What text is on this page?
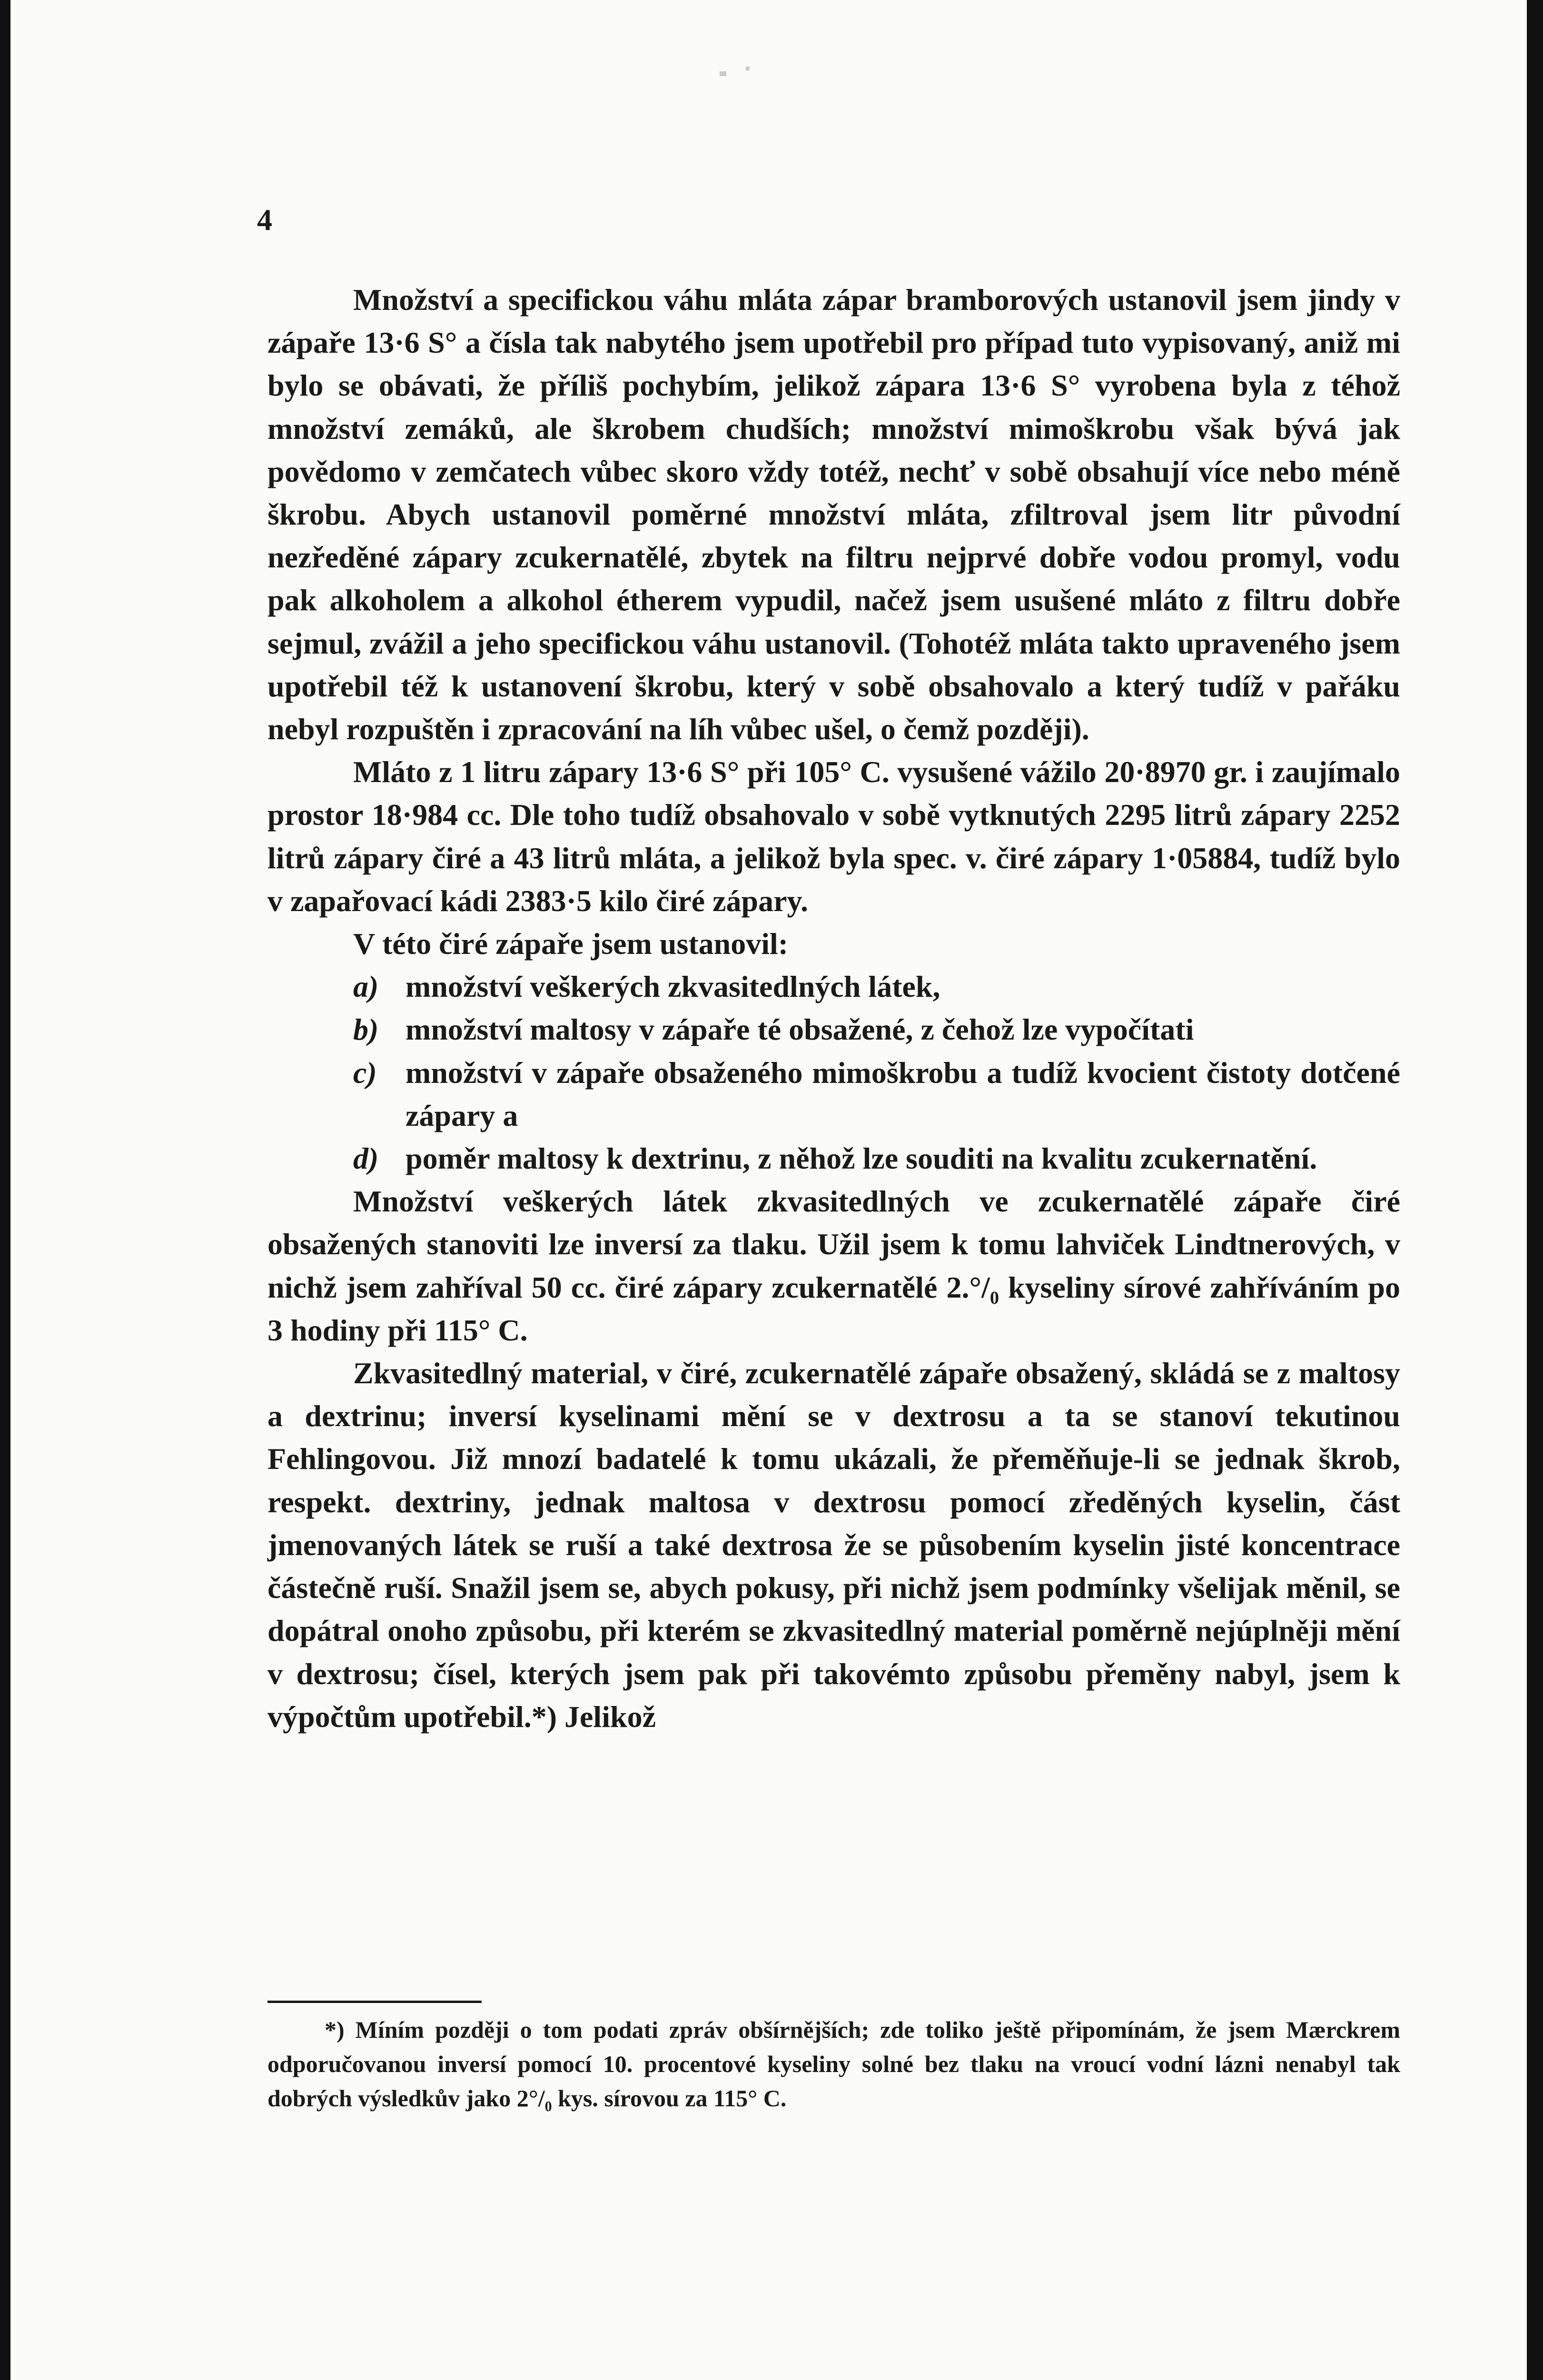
4

Množství a specifickou váhu mláta zápar bramborových ustanovil jsem jindy v zápaře 13·6 S° a čísla tak nabytého jsem upotřebil pro případ tuto vypisovaný, aniž mi bylo se obávati, že příliš pochybím, jelikož zápara 13·6 S° vyrobena byla z téhož množství zemáků, ale škrobem chudších; množství mimoškrobu však bývá jak povědomo v zemčatech vůbec skoro vždy totéž, nechť v sobě obsahují více nebo méně škrobu. Abych ustanovil poměrné množství mláta, zfiltroval jsem litr původní nezředěné zápary zcukernatělé, zbytek na filtru nejprvé dobře vodou promyl, vodu pak alkoholem a alkohol étherem vypudil, načež jsem usušené mláto z filtru dobře sejmul, zvážil a jeho specifickou váhu ustanovil. (Tohotéž mláta takto upraveného jsem upotřebil též k ustanovení škrobu, který v sobě obsahovalo a který tudíž v pařáku nebyl rozpuštěn i zpracování na líh vůbec ušel, o čemž později).

Mláto z 1 litru zápary 13·6 S° při 105° C. vysušené vážilo 20·8970 gr. i zaujímalo prostor 18·984 cc. Dle toho tudíž obsahovalo v sobě vytknutých 2295 litrů zápary 2252 litrů zápary čiré a 43 litrů mláta, a jelikož byla spec. v. čiré zápary 1·05884, tudíž bylo v zapařovací kádi 2383·5 kilo čiré zápary.

V této čiré zápaře jsem ustanovil:

a) množství veškerých zkvasitedlných látek,
b) množství maltosy v zápaře té obsažené, z čehož lze vypočítati
c) množství v zápaře obsaženého mimoškrobu a tudíž kvocient čistoty dotčené zápary a
d) poměr maltosy k dextrinu, z něhož lze souditi na kvalitu zcukernatění.

Množství veškerých látek zkvasitedlných ve zcukernatělé zápaře čiré obsažených stanoviti lze inversí za tlaku. Užil jsem k tomu lahviček Lindtnerových, v nichž jsem zahříval 50 cc. čiré zápary zcukernatělé 2.°/₀ kyseliny sírové zahříváním po 3 hodiny při 115° C.

Zkvasitedlný material, v čiré, zcukernatělé zápaře obsažený, skládá se z maltosy a dextrinu; inversí kyselinami mění se v dextrosu a ta se stanoví tekutinou Fehlingovou. Již mnozí badatelé k tomu ukázali, že přeměňuje-li se jednak škrob, respekt. dextriny, jednak maltosa v dextrosu pomocí zředěných kyselin, část jmenovaných látek se ruší a také dextrosa že se působením kyselin jisté koncentrace částečně ruší. Snažil jsem se, abych pokusy, při nichž jsem podmínky všelijak měnil, se dopátral onoho způsobu, při kterém se zkvasitedlný material poměrně nejúplněji mění v dextrosu; čísel, kterých jsem pak při takovémto způsobu přeměny nabyl, jsem k výpočtům upotřebil.*) Jelikož

*) Míním později o tom podati zpráv obšírnějších; zde toliko ještě připomínám, že jsem Mærckrem odporučovanou inversí pomocí 10. procentové kyseliny solné bez tlaku na vroucí vodní lázni nenabyl tak dobrých výsledkův jako 2°/₀ kys. sírovou za 115° C.
